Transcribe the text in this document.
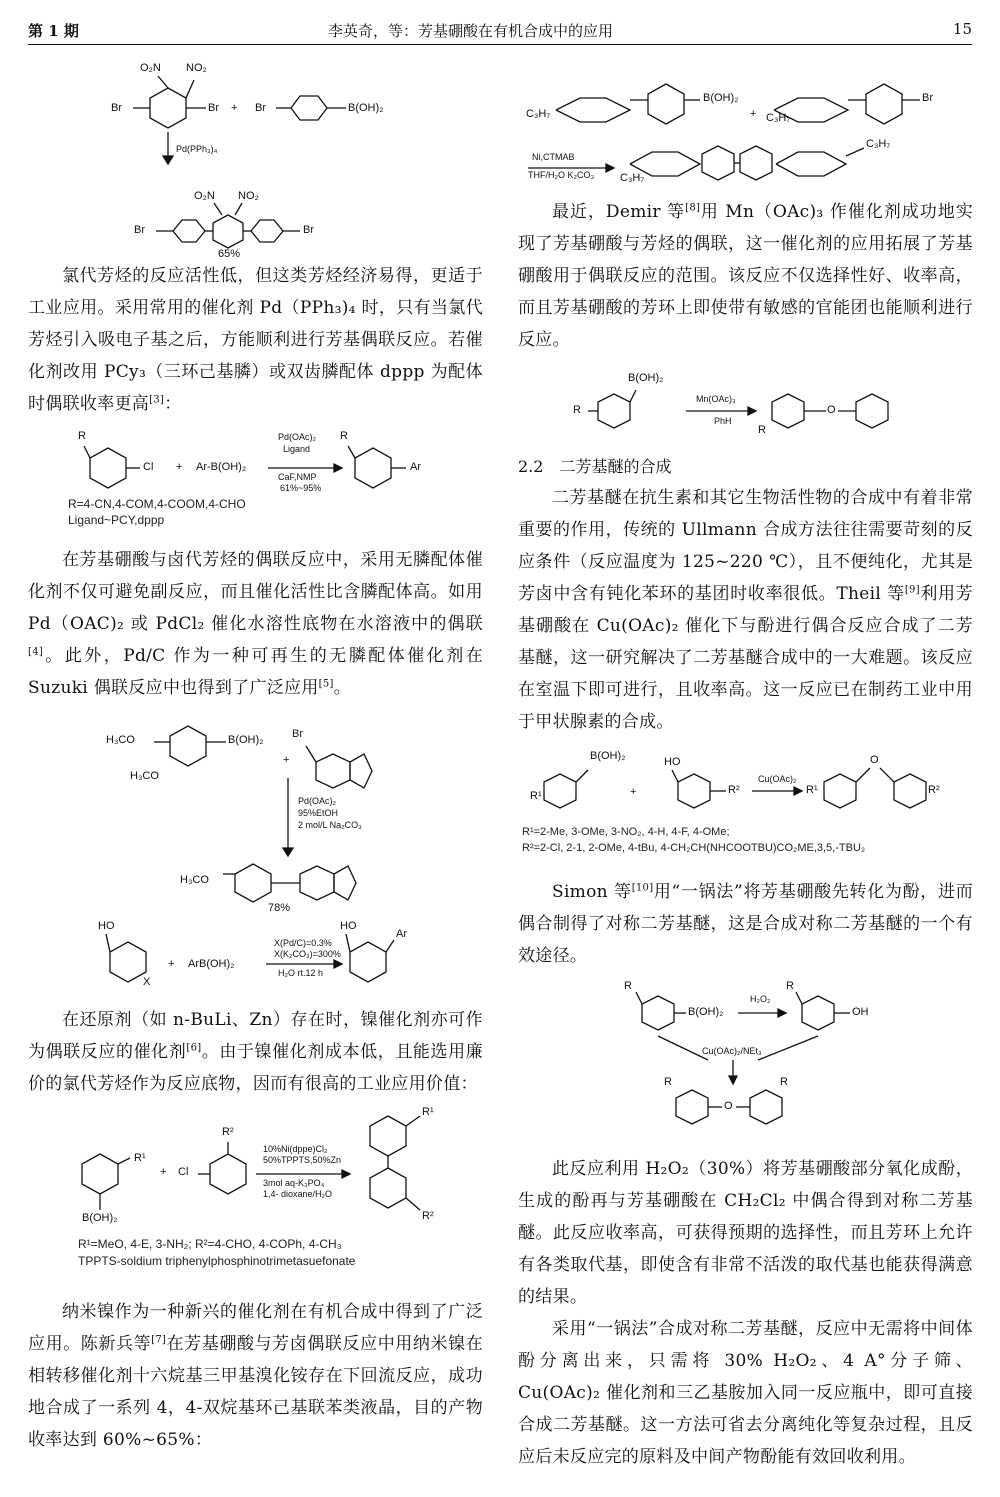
第 1 期	李英奇，等：芳基硼酸在有机合成中的应用	15
O₂N NO₂
Br	Br + Br	B(OH)₂
Pd(PPh₃)₄
O₂N NO₂
Br	Br
65%

氯代芳烃的反应活性低，但这类芳烃经济易得，更适于工业应用。采用常用的催化剂 Pd（PPh₃)₄ 时，只有当氯代芳烃引入吸电子基之后，方能顺利进行芳基偶联反应。若催化剂改用 PCy₃（三环己基膦）或双齿膦配体 dppp 为配体时偶联收率更高[3]：

R
Cl + Ar-B(OH)₂
Pd(OAc)₂
Ligand
CaF,NMP
61%~95%
R
Ar
R=4-CN,4-COM,4-COOM,4-CHO
Ligand~PCY,dppp

在芳基硼酸与卤代芳烃的偶联反应中，采用无膦配体催化剂不仅可避免副反应，而且催化活性比含膦配体高。如用 Pd（OAC)₂ 或 PdCl₂ 催化水溶性底物在水溶液中的偶联[4]。此外，Pd/C 作为一种可再生的无膦配体催化剂在 Suzuki 偶联反应中也得到了广泛应用[5]。

H₃CO	B(OH)₂	Br
+
H₃CO
Pd(OAc)₂
95%EtOH
2 mol/L Na₂CO₃
H₃CO
78%
HO
X
+ ArB(OH)₂
X(Pd/C)=0.3%
X(K₂CO₃)=300%
H₂O rt.12 h
HO
Ar

在还原剂（如 n-BuLi、Zn）存在时，镍催化剂亦可作为偶联反应的催化剂[6]。由于镍催化剂成本低，且能选用廉价的氯代芳烃作为反应底物，因而有很高的工业应用价值：

R¹
+ Cl
R²
B(OH)₂
10%Ni(dppe)Cl₂
50%TPPTS,50%Zn
3mol aq-K₃PO₄
1,4- dioxane/H₂O
R¹
R²
R¹=MeO, 4-E, 3-NH₂; R²=4-CHO, 4-COPh, 4-CH₃
TPPTS-soldium triphenylphosphinotrimetasuefonate

纳米镍作为一种新兴的催化剂在有机合成中得到了广泛应用。陈新兵等[7]在芳基硼酸与芳卤偶联反应中用纳米镍在相转移催化剂十六烷基三甲基溴化铵存在下回流反应，成功地合成了一系列 4，4-双烷基环己基联苯类液晶，目的产物收率达到 60%~65%：

C₃H₇
B(OH)₂
+ C₃H₇
Br
Ni,CTMAB
THF/H₂O K₂CO₃ C₃H₇
C₃H₇

最近，Demir 等[8]用 Mn（OAc)₃ 作催化剂成功地实现了芳基硼酸与芳烃的偶联，这一催化剂的应用拓展了芳基硼酸用于偶联反应的范围。该反应不仅选择性好、收率高，而且芳基硼酸的芳环上即使带有敏感的官能团也能顺利进行反应。

B(OH)₂
R
Mn(OAc)₃
PhH
R
O
2.2　二芳基醚的合成

二芳基醚在抗生素和其它生物活性物的合成中有着非常重要的作用，传统的 Ullmann 合成方法往往需要苛刻的反应条件（反应温度为 125~220 ℃），且不便纯化，尤其是芳卤中含有钝化苯环的基团时收率很低。Theil 等[9]利用芳基硼酸在 Cu(OAc)₂ 催化下与酚进行偶合反应合成了二芳基醚，这一研究解决了二芳基醚合成中的一大难题。该反应在室温下即可进行，且收率高。这一反应已在制药工业中用于甲状腺素的合成。

B(OH)₂
R¹	+
HO
R²
Cu(OAc)₂
R¹
O
R²
R¹=2-Me, 3-OMe, 3-NO₂, 4-H, 4-F, 4-OMe;
R²=2-Cl, 2-1, 2-OMe, 4-tBu, 4-CH₂CH(NHCOOTBU)CO₂ME,3,5,-TBU₂

Simon 等[10]用“一锅法”将芳基硼酸先转化为酚，进而偶合制得了对称二芳基醚，这是合成对称二芳基醚的一个有效途径。

R
B(OH)₂
H₂O₂
R
OH
Cu(OAc)₂/NEt₃
R
O
R

此反应利用 H₂O₂（30%）将芳基硼酸部分氧化成酚，生成的酚再与芳基硼酸在 CH₂Cl₂ 中偶合得到对称二芳基醚。此反应收率高，可获得预期的选择性，而且芳环上允许有各类取代基，即使含有非常不活泼的取代基也能获得满意的结果。

采用“一锅法”合成对称二芳基醚，反应中无需将中间体酚分离出来，只需将 30% H₂O₂、4 A°分子筛、Cu(OAc)₂ 催化剂和三乙基胺加入同一反应瓶中，即可直接合成二芳基醚。这一方法可省去分离纯化等复杂过程，且反应后未反应完的原料及中间产物酚能有效回收利用。
